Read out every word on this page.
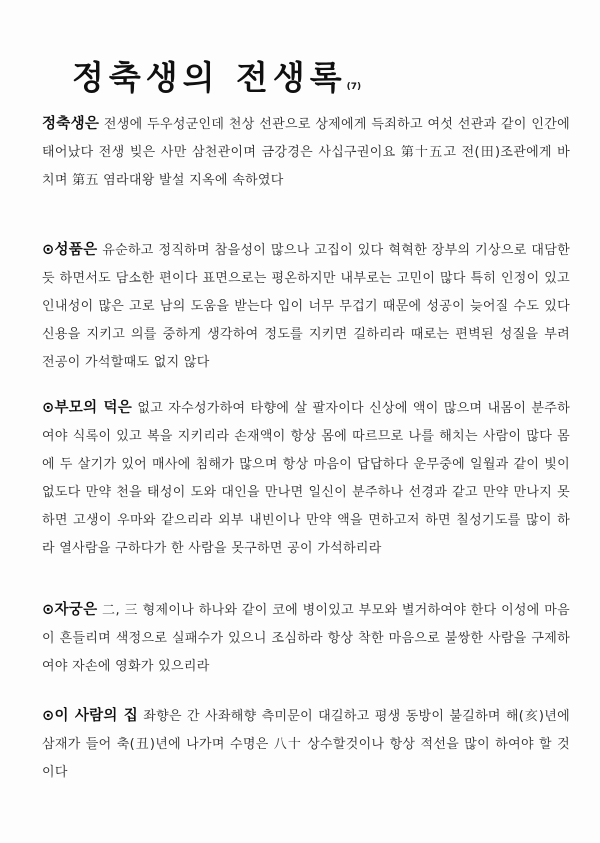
정축생의 전생록(7)
정축생은 전생에 두우성군인데 천상 선관으로 상제에게 득죄하고 여섯 선관과 같이 인간에 태어났다 전생 빚은 사만 삼천관이며 금강경은 사십구권이요 第十五고 전(田)조관에게 바치며 第五 염라대왕 발설 지옥에 속하였다
⊙성품은 유순하고 정직하며 참을성이 많으나 고집이 있다 혁혁한 장부의 기상으로 대담한 듯 하면서도 담소한 편이다 표면으로는 평온하지만 내부로는 고민이 많다 특히 인정이 있고 인내성이 많은 고로 남의 도움을 받는다 입이 너무 무겁기 때문에 성공이 늦어질 수도 있다 신용을 지키고 의를 중하게 생각하여 정도를 지키면 길하리라 때로는 편벽된 성질을 부려 전공이 가석할때도 없지 않다
⊙부모의 덕은 없고 자수성가하여 타향에 살 팔자이다 신상에 액이 많으며 내몸이 분주하여야 식록이 있고 복을 지키리라 손재액이 항상 몸에 따르므로 나를 해치는 사람이 많다 몸에 두 살기가 있어 매사에 침해가 많으며 항상 마음이 답답하다 운무중에 일월과 같이 빛이 없도다 만약 천을 태성이 도와 대인을 만나면 일신이 분주하나 선경과 같고 만약 만나지 못하면 고생이 우마와 같으리라 외부 내빈이나 만약 액을 면하고저 하면 칠성기도를 많이 하라 열사람을 구하다가 한 사람을 못구하면 공이 가석하리라
⊙자궁은 二, 三 형제이나 하나와 같이 코에 병이있고 부모와 별거하여야 한다 이성에 마음이 흔들리며 색정으로 실패수가 있으니 조심하라 항상 착한 마음으로 불쌍한 사람을 구제하여야 자손에 영화가 있으리라
⊙이 사람의 집 좌향은 간 사좌해향 측미문이 대길하고 평생 동방이 불길하며 해(亥)년에 삼재가 들어 축(丑)년에 나가며 수명은 八十 상수할것이나 항상 적선을 많이 하여야 할 것이다
